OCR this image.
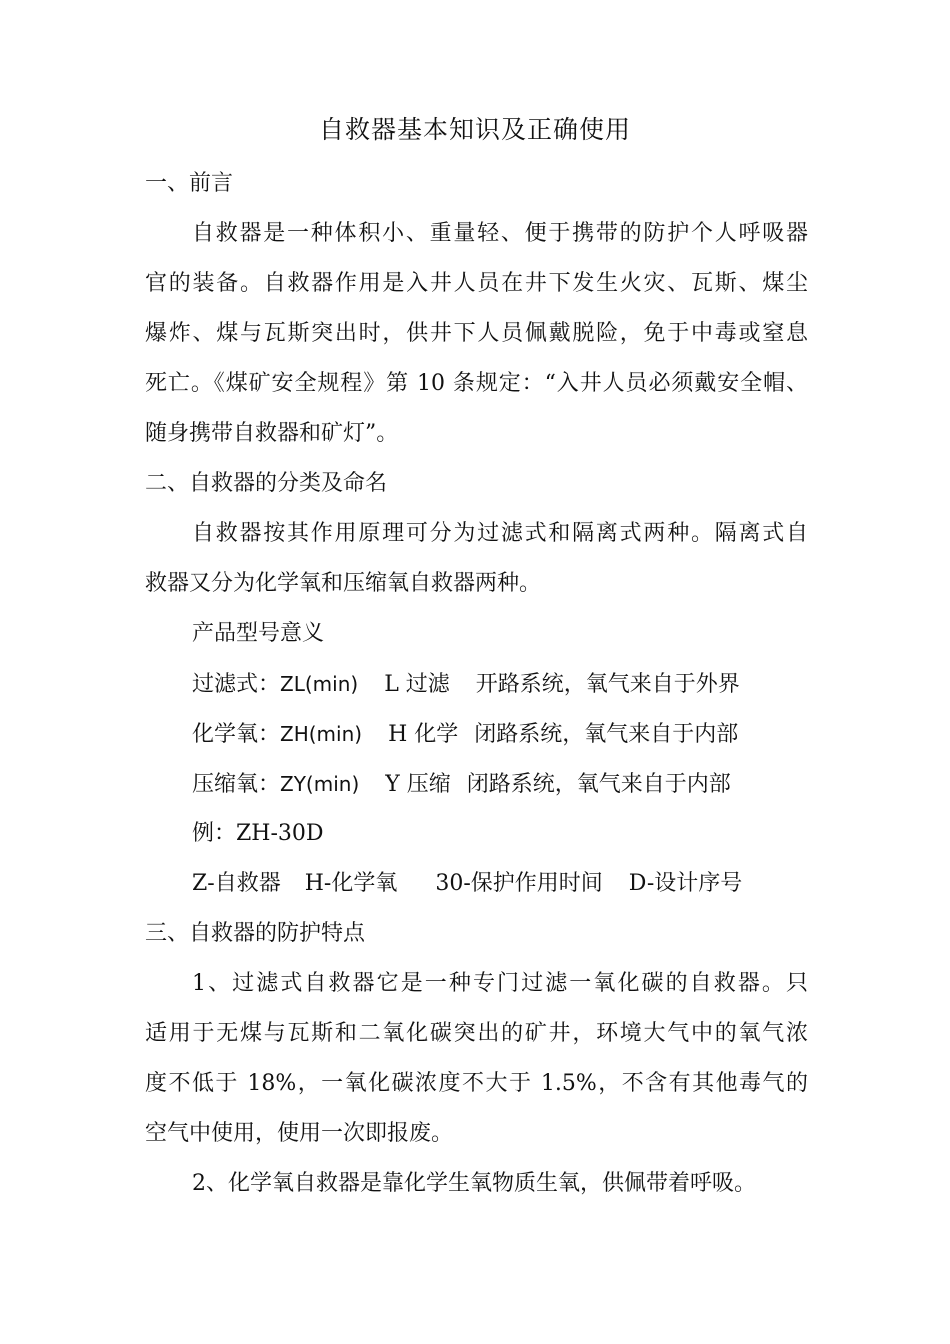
自救器基本知识及正确使用
一、前言
自救器是一种体积小、重量轻、便于携带的防护个人呼吸器
官的装备。自救器作用是入井人员在井下发生火灾、瓦斯、煤尘
爆炸、煤与瓦斯突出时，供井下人员佩戴脱险，免于中毒或窒息
死亡。《煤矿安全规程》第 10 条规定：“入井人员必须戴安全帽、
随身携带自救器和矿灯”。
二、自救器的分类及命名
自救器按其作用原理可分为过滤式和隔离式两种。隔离式自
救器又分为化学氧和压缩氧自救器两种。
产品型号意义
过滤式：ZL(min) L 过滤 开路系统，氧气来自于外界
化学氧：ZH(min) H 化学 闭路系统，氧气来自于内部
压缩氧：ZY(min) Y 压缩 闭路系统，氧气来自于内部
例：ZH-30D
Z-自救器 H-化学氧 30-保护作用时间 D-设计序号
三、自救器的防护特点
1、过滤式自救器它是一种专门过滤一氧化碳的自救器。只
适用于无煤与瓦斯和二氧化碳突出的矿井，环境大气中的氧气浓
度不低于 18%，一氧化碳浓度不大于 1.5%，不含有其他毒气的
空气中使用，使用一次即报废。
2、化学氧自救器是靠化学生氧物质生氧，供佩带着呼吸。
